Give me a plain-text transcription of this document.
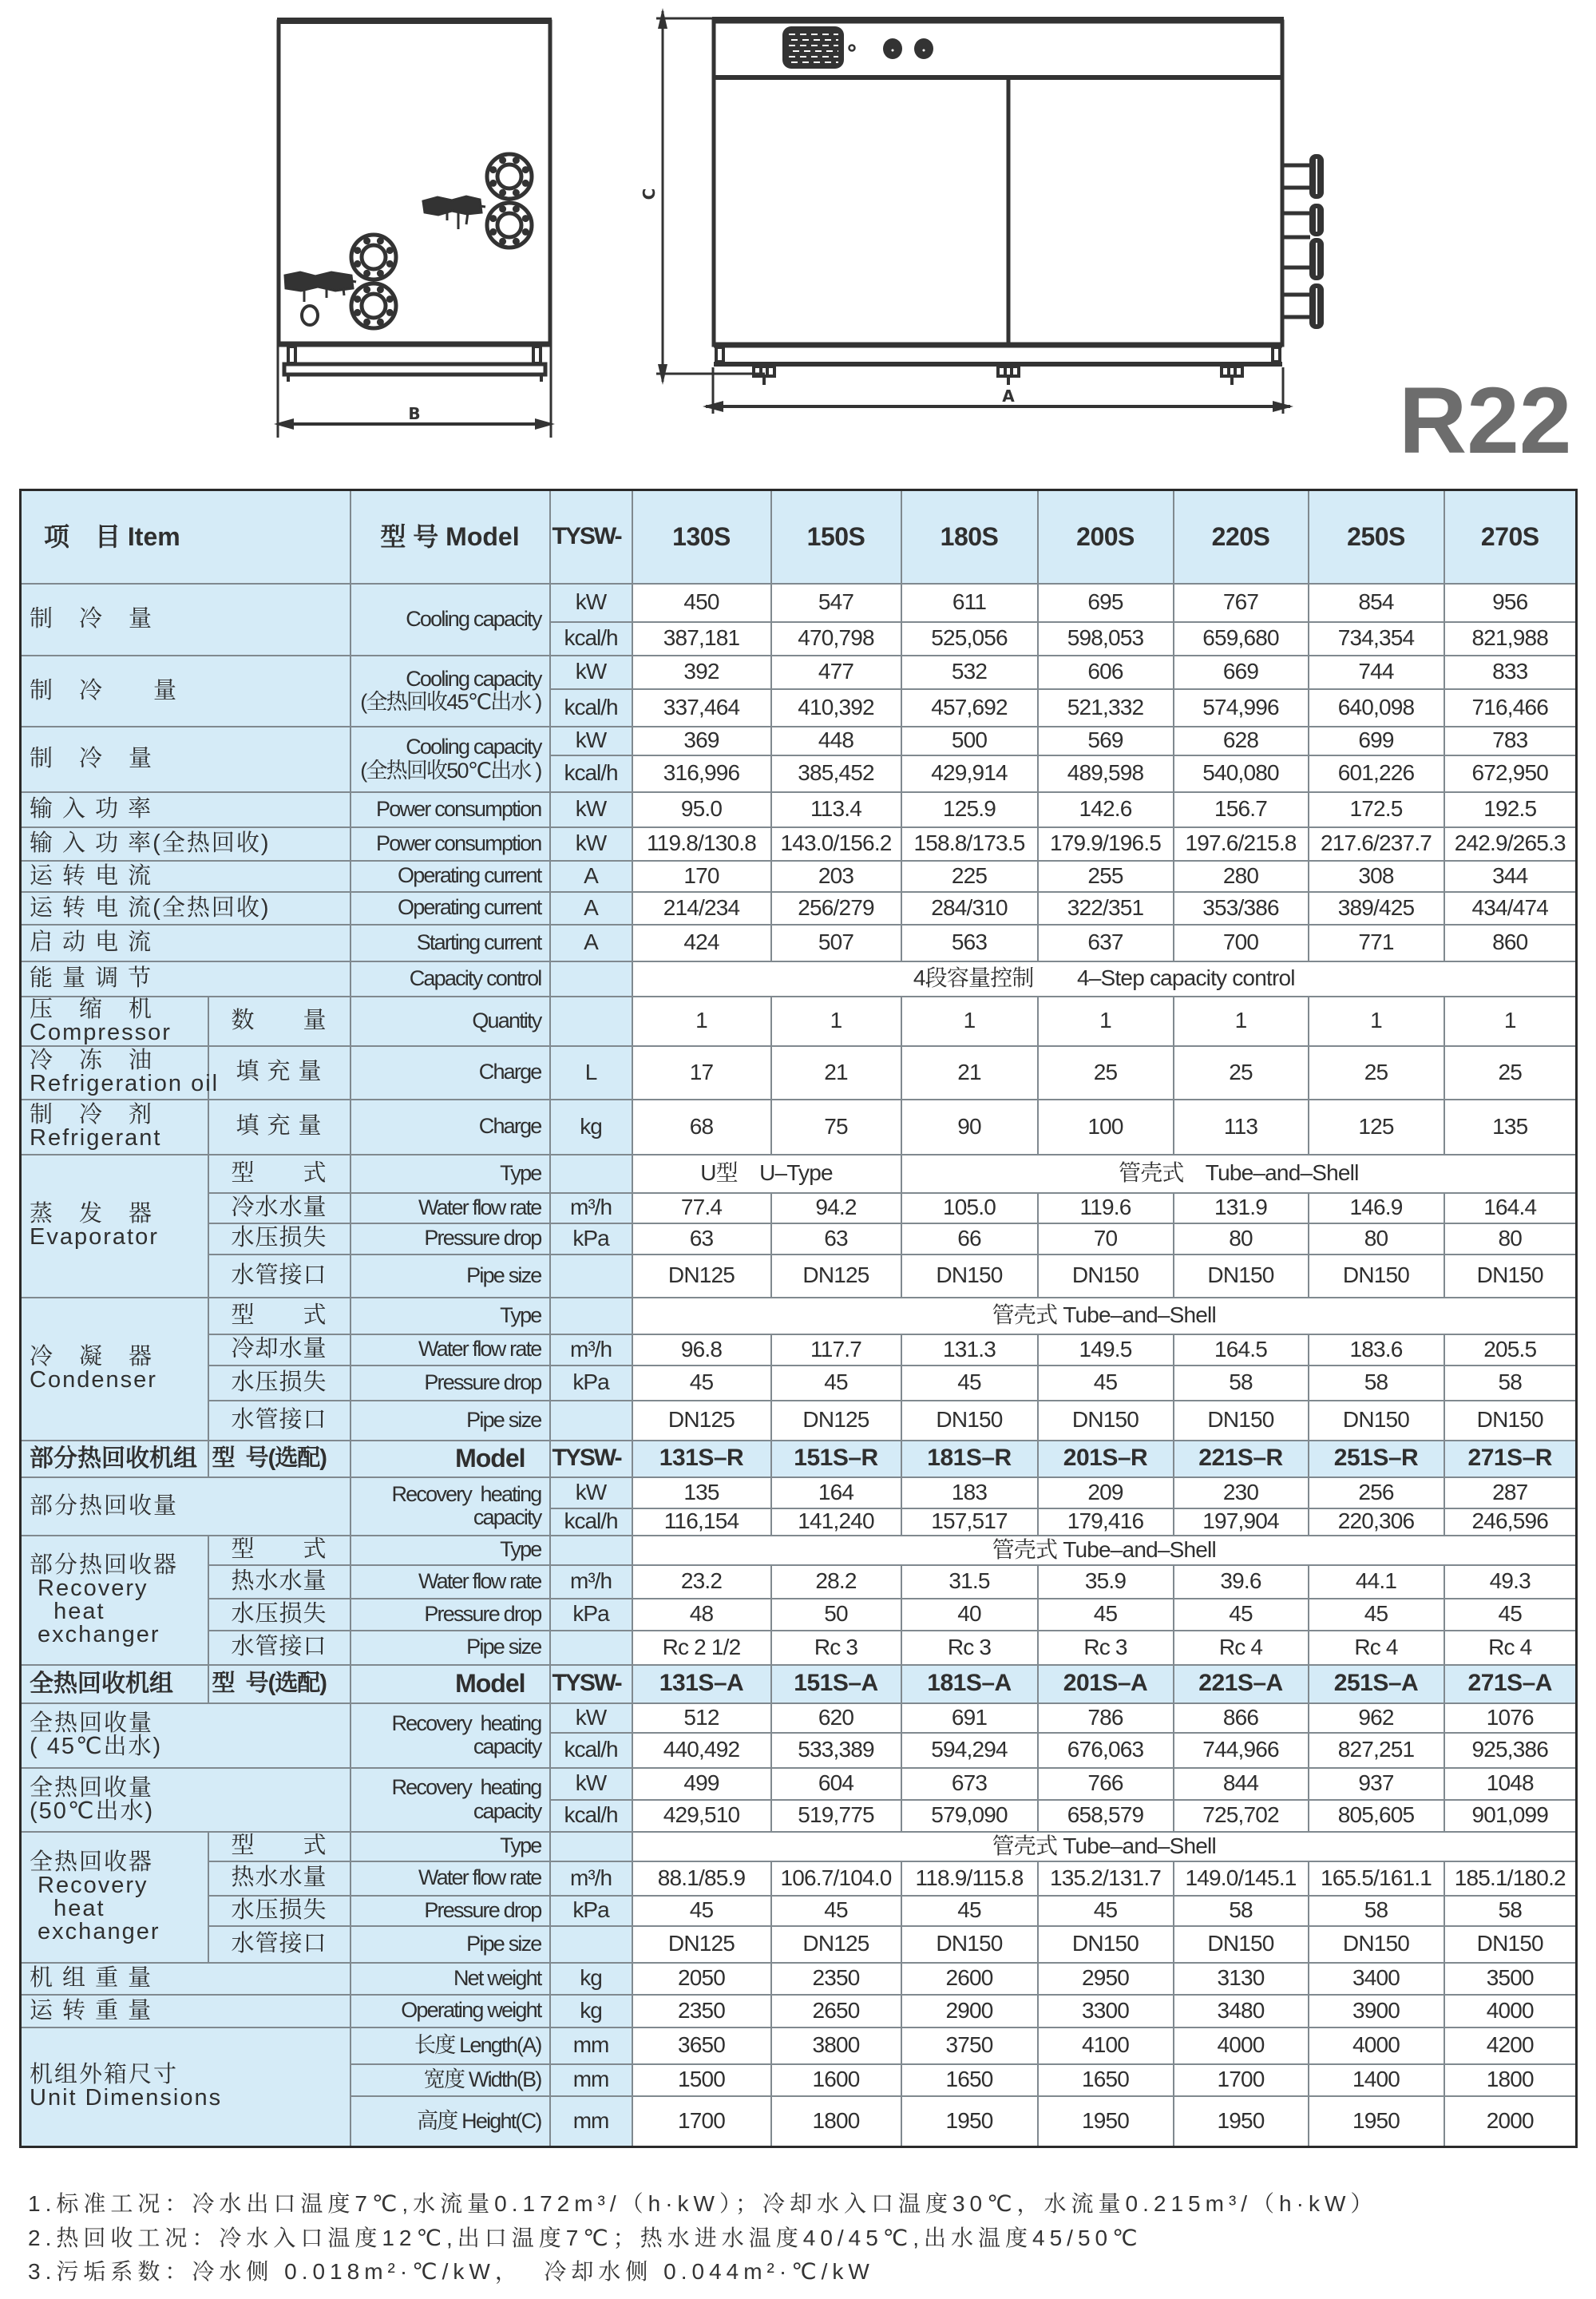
B
C
A	R22
项　目 Item		型 号 Model	TYSW-	130S	150S	180S	200S	220S	250S	270S
制　冷　量		Cooling capacity	kW	450	547	611	695	767	854	956
			kcal/h	387,181	470,798	525,056	598,053	659,680	734,354	821,988
制　冷　　量		Cooling capacity
(全热回收45℃出水 )	kW	392	477	532	606	669	744	833
			kcal/h	337,464	410,392	457,692	521,332	574,996	640,098	716,466
制　冷　量		Cooling capacity
(全热回收50℃出水 )	kW	369	448	500	569	628	699	783
			kcal/h	316,996	385,452	429,914	489,598	540,080	601,226	672,950
输 入 功 率		Power consumption	kW	95.0	113.4	125.9	142.6	156.7	172.5	192.5
输 入 功 率(全热回收)		Power consumption	kW	119.8/130.8	143.0/156.2	158.8/173.5	179.9/196.5	197.6/215.8	217.6/237.7	242.9/265.3
运 转 电 流		Operating current	A	170	203	225	255	280	308	344
运 转 电 流(全热回收)		Operating current	A	214/234	256/279	284/310	322/351	353/386	389/425	434/474
启 动 电 流		Starting current	A	424	507	563	637	700	771	860
能 量 调 节		Capacity control		4段容量控制　　4–Step capacity control						
压　缩　机
Compressor	数　　量	Quantity		1	1	1	1	1	1	1
冷　冻　油
Refrigeration oil	填 充 量	Charge	L	17	21	21	25	25	25	25
制　冷　剂
Refrigerant	填 充 量	Charge	kg	68	75	90	100	113	125	135
蒸　发　器
Evaporator	型　　式	Type		U型　U–Type		管壳式　Tube–and–Shell				
	冷水水量	Water flow rate	m³/h	77.4	94.2	105.0	119.6	131.9	146.9	164.4
	水压损失	Pressure drop	kPa	63	63	66	70	80	80	80
	水管接口	Pipe size		DN125	DN125	DN150	DN150	DN150	DN150	DN150
冷　凝　器
Condenser	型　　式	Type		管壳式 Tube–and–Shell						
	冷却水量	Water flow rate	m³/h	96.8	117.7	131.3	149.5	164.5	183.6	205.5
	水压损失	Pressure drop	kPa	45	45	45	45	58	58	58
	水管接口	Pipe size		DN125	DN125	DN150	DN150	DN150	DN150	DN150
部分热回收机组	型  号(选配)	Model	TYSW-	131S–R	151S–R	181S–R	201S–R	221S–R	251S–R	271S–R
部分热回收量		Recovery  heating
capacity	kW	135	164	183	209	230	256	287
			kcal/h	116,154	141,240	157,517	179,416	197,904	220,306	246,596
部分热回收器
Recovery
heat
exchanger	型　　式	Type		管壳式 Tube–and–Shell						
	热水水量	Water flow rate	m³/h	23.2	28.2	31.5	35.9	39.6	44.1	49.3
	水压损失	Pressure drop	kPa	48	50	40	45	45	45	45
	水管接口	Pipe size		Rc 2 1/2	Rc 3	Rc 3	Rc 3	Rc 4	Rc 4	Rc 4
全热回收机组	型  号(选配)	Model	TYSW-	131S–A	151S–A	181S–A	201S–A	221S–A	251S–A	271S–A
全热回收量
( 45℃出水)		Recovery  heating
capacity	kW	512	620	691	786	866	962	1076
			kcal/h	440,492	533,389	594,294	676,063	744,966	827,251	925,386
全热回收量
(50℃出水)		Recovery  heating
capacity	kW	499	604	673	766	844	937	1048
			kcal/h	429,510	519,775	579,090	658,579	725,702	805,605	901,099
全热回收器
Recovery
heat
exchanger	型　　式	Type		管壳式 Tube–and–Shell						
	热水水量	Water flow rate	m³/h	88.1/85.9	106.7/104.0	118.9/115.8	135.2/131.7	149.0/145.1	165.5/161.1	185.1/180.2
	水压损失	Pressure drop	kPa	45	45	45	45	58	58	58
	水管接口	Pipe size		DN125	DN125	DN150	DN150	DN150	DN150	DN150
机 组 重 量		Net weight	kg	2050	2350	2600	2950	3130	3400	3500
运 转 重 量		Operating weight	kg	2350	2650	2900	3300	3480	3900	4000
机组外箱尺寸
Unit Dimensions		长度 Length(A)	mm	3650	3800	3750	4100	4000	4000	4200
		宽度 Width(B)	mm	1500	1600	1650	1650	1700	1400	1800
		高度 Height(C)	mm	1700	1800	1950	1950	1950	1950	2000
1.标准工况：冷水出口温度7℃,水流量0.172m³/（h·kW）；冷却水入口温度30℃，水流量0.215m³/（h·kW）
2.热回收工况：冷水入口温度12℃,出口温度7℃；热水进水温度40/45℃,出水温度45/50℃
3.污垢系数：冷水侧 0.018m²·℃/kW，  冷却水侧 0.044m²·℃/kW
